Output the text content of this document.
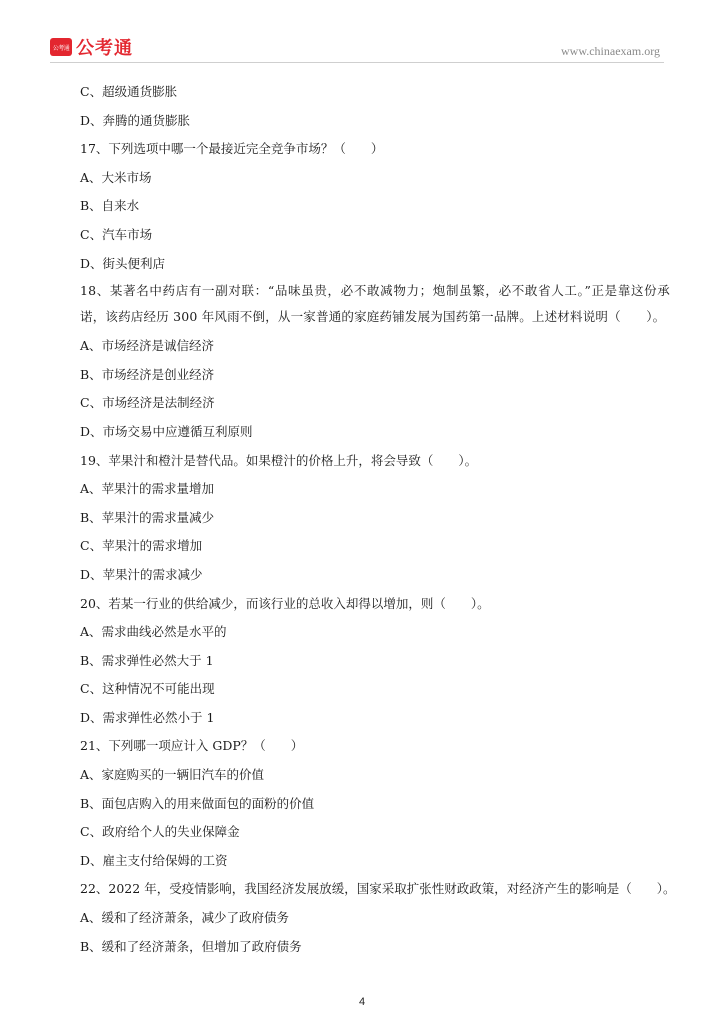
公考通 公考通	www.chinaexam.org
C、超级通货膨胀
D、奔腾的通货膨胀
17、下列选项中哪一个最接近完全竞争市场？（　　）
A、大米市场
B、自来水
C、汽车市场
D、街头便利店
18、某著名中药店有一副对联：“品味虽贵，必不敢减物力；炮制虽繁，必不敢省人工。”正是靠这份承诺，该药店经历 300 年风雨不倒，从一家普通的家庭药铺发展为国药第一品牌。上述材料说明（　　）。
A、市场经济是诚信经济
B、市场经济是创业经济
C、市场经济是法制经济
D、市场交易中应遵循互利原则
19、苹果汁和橙汁是替代品。如果橙汁的价格上升，将会导致（　　）。
A、苹果汁的需求量增加
B、苹果汁的需求量减少
C、苹果汁的需求增加
D、苹果汁的需求减少
20、若某一行业的供给减少，而该行业的总收入却得以增加，则（　　）。
A、需求曲线必然是水平的
B、需求弹性必然大于 1
C、这种情况不可能出现
D、需求弹性必然小于 1
21、下列哪一项应计入 GDP？（　　）
A、家庭购买的一辆旧汽车的价值
B、面包店购入的用来做面包的面粉的价值
C、政府给个人的失业保障金
D、雇主支付给保姆的工资
22、2022 年，受疫情影响，我国经济发展放缓，国家采取扩张性财政政策，对经济产生的影响是（　　）。
A、缓和了经济萧条，减少了政府债务
B、缓和了经济萧条，但增加了政府债务
4
